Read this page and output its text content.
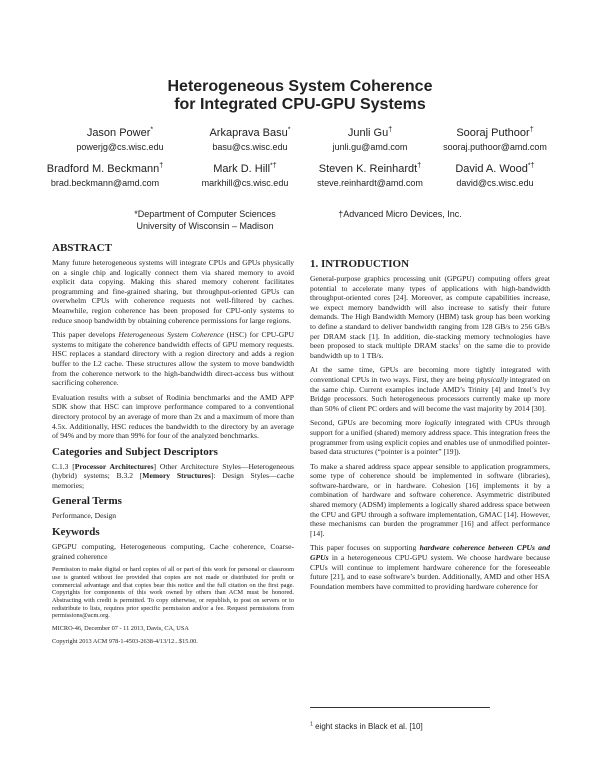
Heterogeneous System Coherence
for Integrated CPU-GPU Systems
Jason Power*
powerjg@cs.wisc.edu
Arkaprava Basu*
basu@cs.wisc.edu
Junli Gu†
junli.gu@amd.com
Sooraj Puthoor†
sooraj.puthoor@amd.com
Bradford M. Beckmann†
brad.beckmann@amd.com
Mark D. Hill*†
markhill@cs.wisc.edu
Steven K. Reinhardt†
steve.reinhardt@amd.com
David A. Wood*†
david@cs.wisc.edu
*Department of Computer Sciences
University of Wisconsin – Madison
†Advanced Micro Devices, Inc.
ABSTRACT

Many future heterogeneous systems will integrate CPUs and GPUs physically on a single chip and logically connect them via shared memory to avoid explicit data copying. Making this shared memory coherent facilitates programming and fine-grained sharing, but throughput-oriented GPUs can overwhelm CPUs with coherence requests not well-filtered by caches. Meanwhile, region coherence has been proposed for CPU-only systems to reduce snoop bandwidth by obtaining coherence permissions for large regions.

This paper develops Heterogeneous System Coherence (HSC) for CPU-GPU systems to mitigate the coherence bandwidth effects of GPU memory requests. HSC replaces a standard directory with a region directory and adds a region buffer to the L2 cache. These structures allow the system to move bandwidth from the coherence network to the high-bandwidth direct-access bus without sacrificing coherence.

Evaluation results with a subset of Rodinia benchmarks and the AMD APP SDK show that HSC can improve performance compared to a conventional directory protocol by an average of more than 2x and a maximum of more than 4.5x. Additionally, HSC reduces the bandwidth to the directory by an average of 94% and by more than 99% for four of the analyzed benchmarks.

Categories and Subject Descriptors

C.1.3 [Processor Architectures] Other Architecture Styles—Heterogeneous (hybrid) systems; B.3.2 [Memory Structures]: Design Styles—cache memories;

General Terms

Performance, Design

Keywords

GPGPU computing, Heterogeneous computing, Cache coherence, Coarse-grained coherence

Permission to make digital or hard copies of all or part of this work for personal or classroom use is granted without fee provided that copies are not made or distributed for profit or commercial advantage and that copies bear this notice and the full citation on the first page. Copyrights for components of this work owned by others than ACM must be honored. Abstracting with credit is permitted. To copy otherwise, or republish, to post on servers or to redistribute to lists, requires prior specific permission and/or a fee. Request permissions from permissions@acm.org.

MICRO-46, December 07 - 11 2013, Davis, CA, USA

Copyright 2013 ACM 978-1-4503-2638-4/13/12...$15.00.

1. INTRODUCTION

General-purpose graphics processing unit (GPGPU) computing offers great potential to accelerate many types of applications with high-bandwidth throughput-oriented cores [24]. Moreover, as compute capabilities increase, we expect memory bandwidth will also increase to satisfy their future demands. The High Bandwidth Memory (HBM) task group has been working to define a standard to deliver bandwidth ranging from 128 GB/s to 256 GB/s per DRAM stack [1]. In addition, die-stacking memory technologies have been proposed to stack multiple DRAM stacks$^1$ on the same die to provide bandwidth up to 1 TB/s.

At the same time, GPUs are becoming more tightly integrated with conventional CPUs in two ways. First, they are being physically integrated on the same chip. Current examples include AMD’s Trinity [4] and Intel’s Ivy Bridge processors. Such heterogeneous processors currently make up more than 50% of client PC orders and will become the vast majority by 2014 [30].

Second, GPUs are becoming more logically integrated with CPUs through support for a unified (shared) memory address space. This integration frees the programmer from using explicit copies and enables use of unmodified pointer-based data structures (“pointer is a pointer” [19]).

To make a shared address space appear sensible to application programmers, some type of coherence should be implemented in software (libraries), software-hardware, or in hardware. Cohesion [16] implements it by a combination of hardware and software coherence. Asymmetric distributed shared memory (ADSM) implements a logically shared address space between the CPU and GPU through a software implementation, GMAC [14]. However, these mechanisms can burden the programmer [16] and affect performance [14].

This paper focuses on supporting hardware coherence between CPUs and GPUs in a heterogeneous CPU-GPU system. We choose hardware because CPUs will continue to implement hardware coherence for the foreseeable future [21], and to ease software’s burden. Additionally, AMD and other HSA Foundation members have committed to providing hardware coherence for

$^1$ eight stacks in Black et al. [10]
